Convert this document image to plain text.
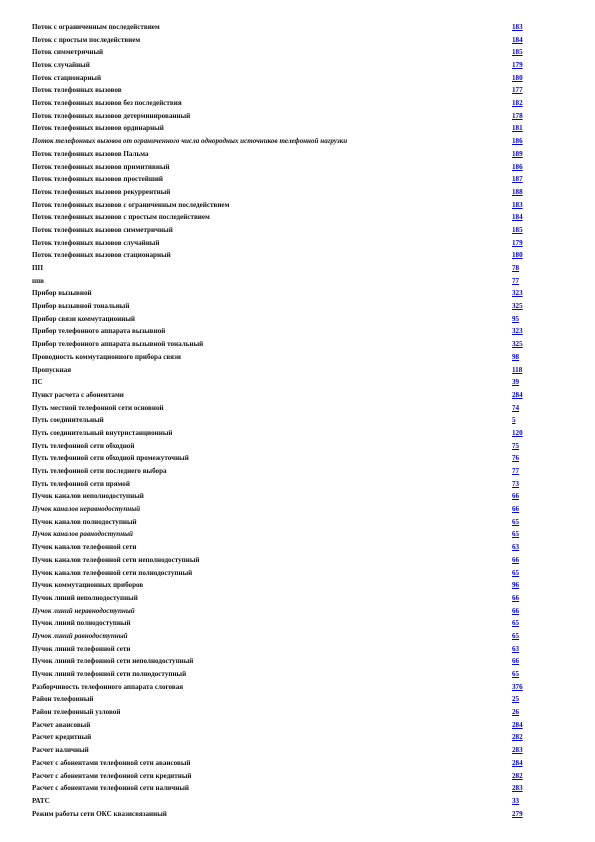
Поток с ограниченным последействием	183
Поток с простым последействием	184
Поток симметричный	185
Поток случайный	179
Поток стационарный	180
Поток телефонных вызовов	177
Поток телефонных вызовов без последействия	182
Поток телефонных вызовов детерминированный	178
Поток телефонных вызовов ординарный	181
Поток телефонных вызовов от ограниченного числа однородных источников телефонной нагрузки	186
Поток телефонных вызовов Пальма	189
Поток телефонных вызовов примитивный	186
Поток телефонных вызовов простейший	187
Поток телефонных вызовов рекуррентный	188
Поток телефонных вызовов с ограниченным последействием	183
Поток телефонных вызовов с простым последействием	184
Поток телефонных вызовов симметричный	185
Поток телефонных вызовов случайный	179
Поток телефонных вызовов стационарный	180
ПП	78
ппв	77
Прибор вызывной	323
Прибор вызывной тональный	325
Прибор связи коммутационный	95
Прибор телефонного аппарата вызывной	323
Прибор телефонного аппарата вызывной тональный	325
Проводность коммутационного прибора связи	98
Пропускная	118
ПС	39
Пункт расчета с абонентами	284
Путь местной телефонной сети основной	74
Путь соединительный	5
Путь соединительный внутристанционный	120
Путь телефонной сети обходной	75
Путь телефонной сети обходной промежуточный	76
Путь телефонной сети последнего выбора	77
Путь телефонной сети прямой	73
Пучок каналов неполнодоступный	66
Пучок каналов неравнодоступный	66
Пучок каналов полнодоступный	65
Пучок каналов равнодоступный	65
Пучок каналов телефонной сети	63
Пучок каналов телефонной сети неполнодоступный	66
Пучок каналов телефонной сети полнодоступный	65
Пучок коммутационных приборов	96
Пучок линий неполнодоступный	66
Пучок линий неравнодоступный	66
Пучок линий полнодоступный	65
Пучок линий равнодоступный	65
Пучок линий телефонной сети	63
Пучок линий телефонной сети неполнодоступный	66
Пучок линий телефонной сети полнодоступный	65
Разборчивость телефонного аппарата слоговая	376
Район телефонный	25
Район телефонный узловой	26
Расчет авансовый	284
Расчет кредитный	282
Расчет наличный	283
Расчет с абонентами телефонной сети авансовый	284
Расчет с абонентами телефонной сети кредитный	282
Расчет с абонентами телефонной сети наличный	283
РАТС	33
Режим работы сети ОКС квазисвязанный	279
